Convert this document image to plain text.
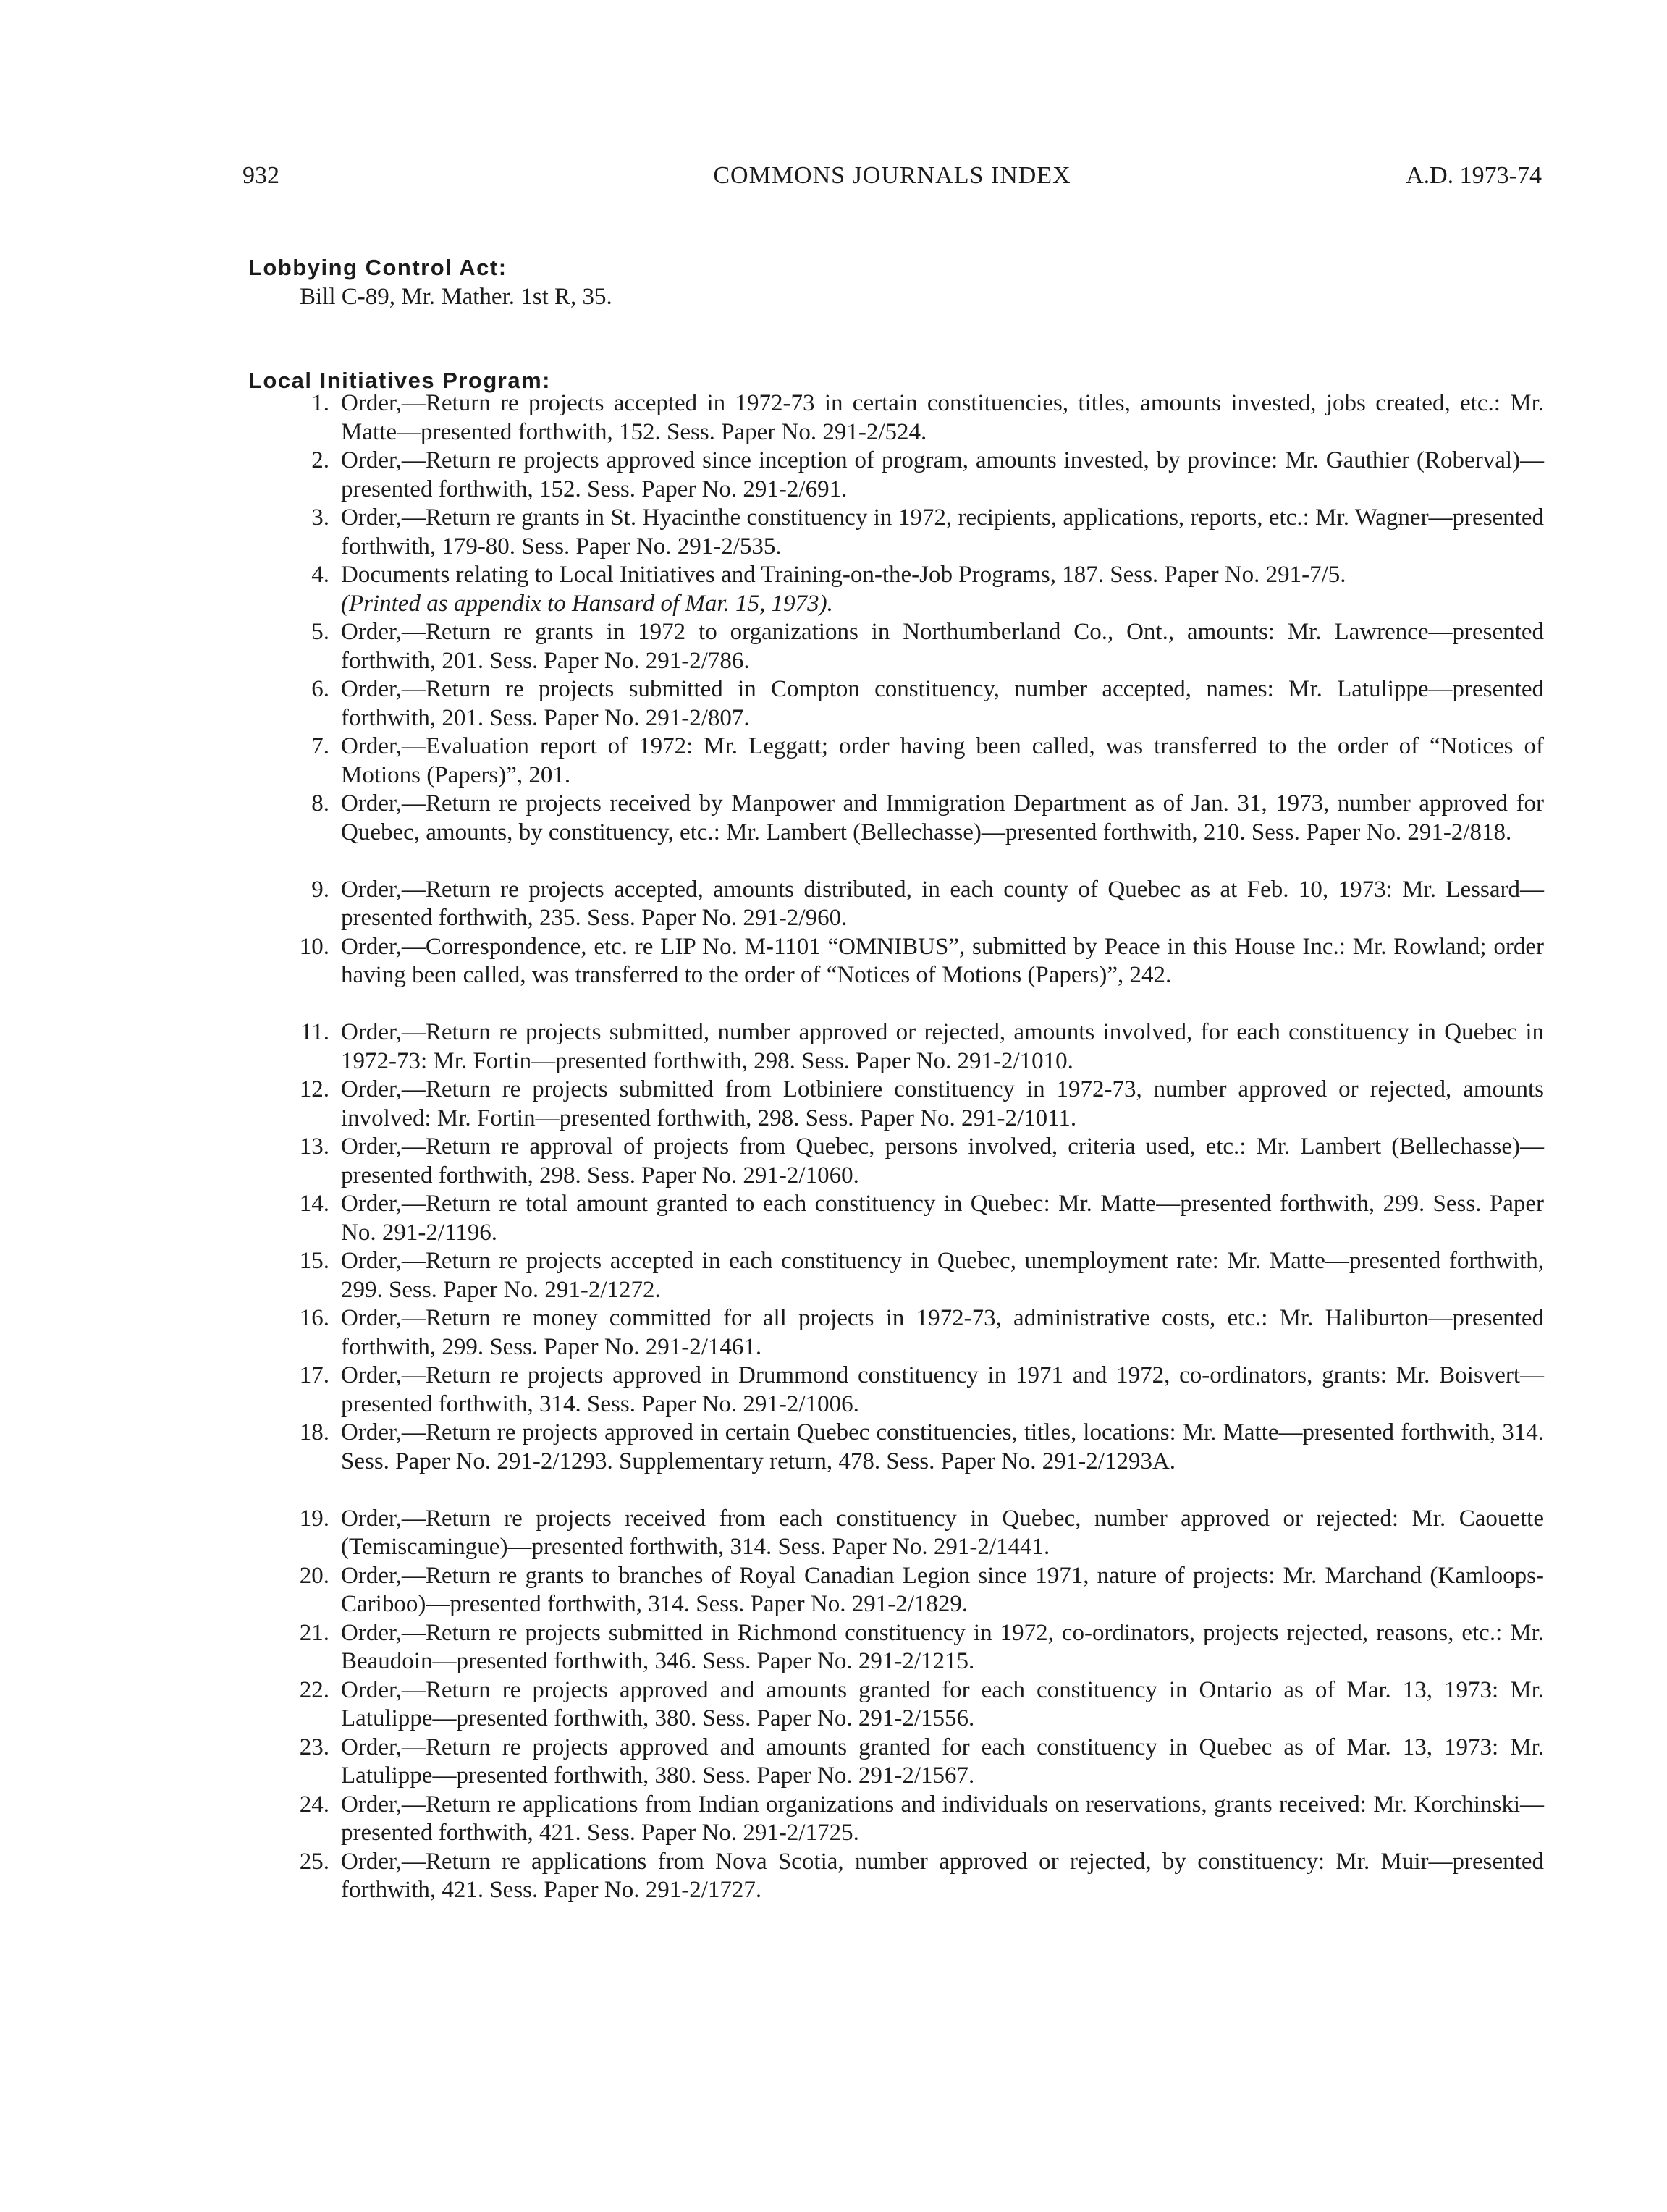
932	COMMONS JOURNALS INDEX	A.D. 1973-74
Lobbying Control Act:
Bill C-89, Mr. Mather. 1st R, 35.
Local Initiatives Program:
1. Order,—Return re projects accepted in 1972-73 in certain constituencies, titles, amounts invested, jobs created, etc.: Mr. Matte—presented forthwith, 152. Sess. Paper No. 291-2/524.
2. Order,—Return re projects approved since inception of program, amounts invested, by province: Mr. Gauthier (Roberval)—presented forthwith, 152. Sess. Paper No. 291-2/691.
3. Order,—Return re grants in St. Hyacinthe constituency in 1972, recipients, applications, reports, etc.: Mr. Wagner—presented forthwith, 179-80. Sess. Paper No. 291-2/535.
4. Documents relating to Local Initiatives and Training-on-the-Job Programs, 187. Sess. Paper No. 291-7/5.
(Printed as appendix to Hansard of Mar. 15, 1973).
5. Order,—Return re grants in 1972 to organizations in Northumberland Co., Ont., amounts: Mr. Lawrence—presented forthwith, 201. Sess. Paper No. 291-2/786.
6. Order,—Return re projects submitted in Compton constituency, number accepted, names: Mr. Latulippe—presented forthwith, 201. Sess. Paper No. 291-2/807.
7. Order,—Evaluation report of 1972: Mr. Leggatt; order having been called, was transferred to the order of “Notices of Motions (Papers)”, 201.
8. Order,—Return re projects received by Manpower and Immigration Department as of Jan. 31, 1973, number approved for Quebec, amounts, by constituency, etc.: Mr. Lambert (Bellechasse)—presented forthwith, 210. Sess. Paper No. 291-2/818.
9. Order,—Return re projects accepted, amounts distributed, in each county of Quebec as at Feb. 10, 1973: Mr. Lessard—presented forthwith, 235. Sess. Paper No. 291-2/960.
10. Order,—Correspondence, etc. re LIP No. M-1101 “OMNIBUS”, submitted by Peace in this House Inc.: Mr. Rowland; order having been called, was transferred to the order of “Notices of Motions (Papers)”, 242.
11. Order,—Return re projects submitted, number approved or rejected, amounts involved, for each constituency in Quebec in 1972-73: Mr. Fortin—presented forthwith, 298. Sess. Paper No. 291-2/1010.
12. Order,—Return re projects submitted from Lotbiniere constituency in 1972-73, number approved or rejected, amounts involved: Mr. Fortin—presented forthwith, 298. Sess. Paper No. 291-2/1011.
13. Order,—Return re approval of projects from Quebec, persons involved, criteria used, etc.: Mr. Lambert (Bellechasse)—presented forthwith, 298. Sess. Paper No. 291-2/1060.
14. Order,—Return re total amount granted to each constituency in Quebec: Mr. Matte—presented forthwith, 299. Sess. Paper No. 291-2/1196.
15. Order,—Return re projects accepted in each constituency in Quebec, unemployment rate: Mr. Matte—presented forthwith, 299. Sess. Paper No. 291-2/1272.
16. Order,—Return re money committed for all projects in 1972-73, administrative costs, etc.: Mr. Haliburton—presented forthwith, 299. Sess. Paper No. 291-2/1461.
17. Order,—Return re projects approved in Drummond constituency in 1971 and 1972, co-ordinators, grants: Mr. Boisvert—presented forthwith, 314. Sess. Paper No. 291-2/1006.
18. Order,—Return re projects approved in certain Quebec constituencies, titles, locations: Mr. Matte—presented forthwith, 314. Sess. Paper No. 291-2/1293. Supplementary return, 478. Sess. Paper No. 291-2/1293A.
19. Order,—Return re projects received from each constituency in Quebec, number approved or rejected: Mr. Caouette (Temiscamingue)—presented forthwith, 314. Sess. Paper No. 291-2/1441.
20. Order,—Return re grants to branches of Royal Canadian Legion since 1971, nature of projects: Mr. Marchand (Kamloops-Cariboo)—presented forthwith, 314. Sess. Paper No. 291-2/1829.
21. Order,—Return re projects submitted in Richmond constituency in 1972, co-ordinators, projects rejected, reasons, etc.: Mr. Beaudoin—presented forthwith, 346. Sess. Paper No. 291-2/1215.
22. Order,—Return re projects approved and amounts granted for each constituency in Ontario as of Mar. 13, 1973: Mr. Latulippe—presented forthwith, 380. Sess. Paper No. 291-2/1556.
23. Order,—Return re projects approved and amounts granted for each constituency in Quebec as of Mar. 13, 1973: Mr. Latulippe—presented forthwith, 380. Sess. Paper No. 291-2/1567.
24. Order,—Return re applications from Indian organizations and individuals on reservations, grants received: Mr. Korchinski—presented forthwith, 421. Sess. Paper No. 291-2/1725.
25. Order,—Return re applications from Nova Scotia, number approved or rejected, by constituency: Mr. Muir—presented forthwith, 421. Sess. Paper No. 291-2/1727.
